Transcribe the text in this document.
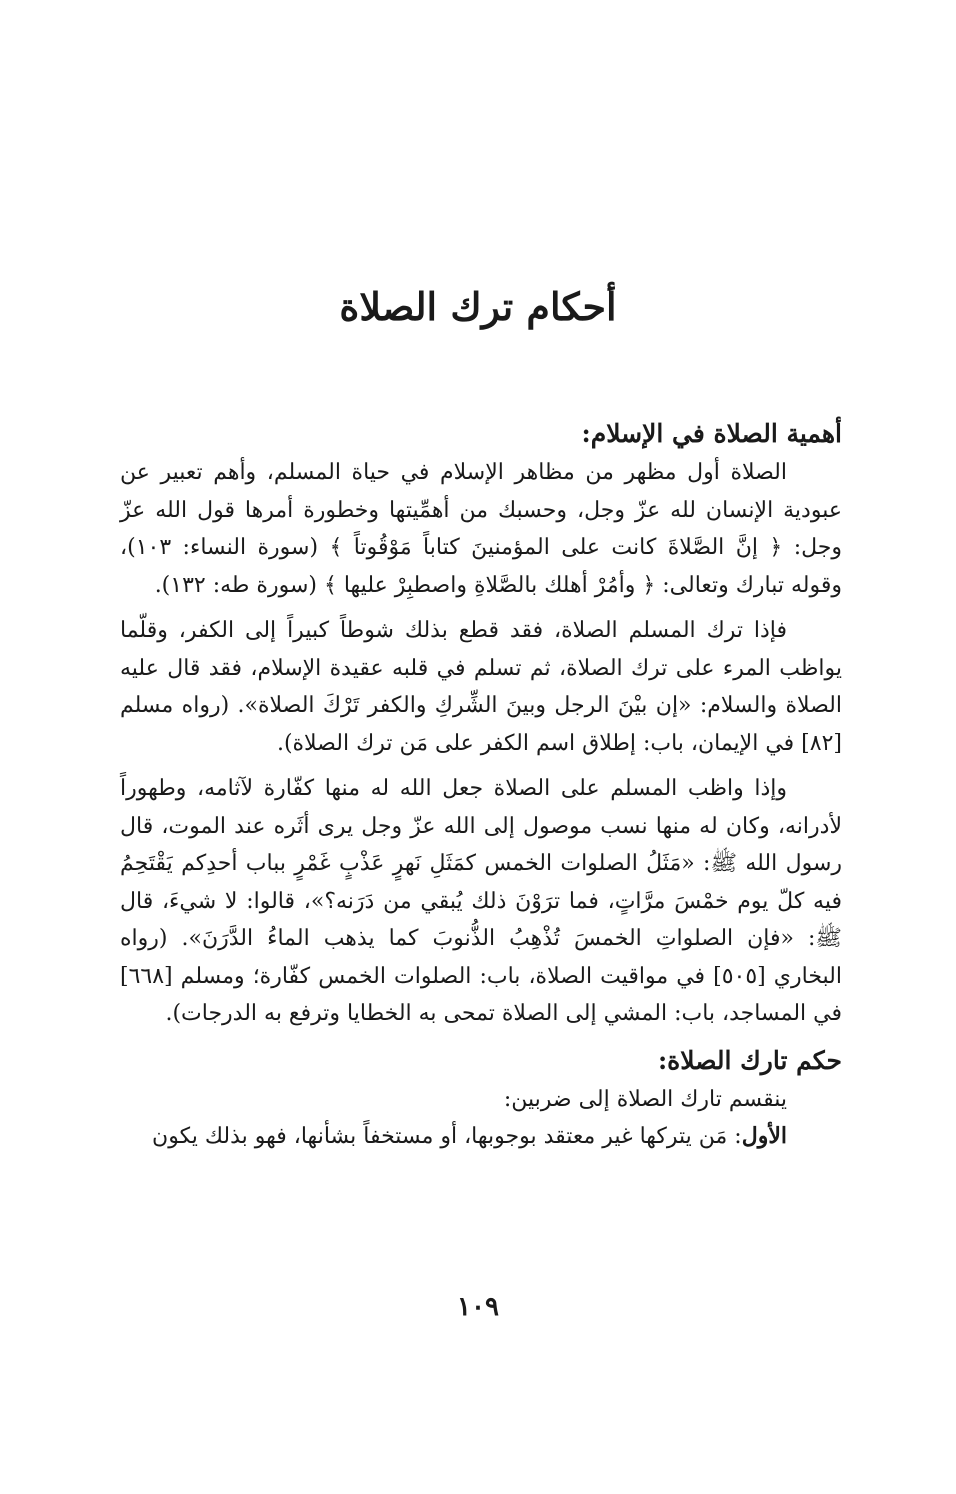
أحكام ترك الصلاة
أهمية الصلاة في الإسلام:

الصلاة أول مظهر من مظاهر الإسلام في حياة المسلم، وأهم تعبير عن عبودية الإنسان لله عزّ وجل، وحسبك من أهمِّيتها وخطورة أمرها قول الله عزّ وجل: ﴿ إنَّ الصَّلاةَ كانت على المؤمنينَ كتاباً مَوْقُوتاً ﴾ (سورة النساء: ١٠٣)، وقوله تبارك وتعالى: ﴿ وأمُرْ أهلك بالصَّلاةِ واصطبِرْ عليها ﴾ (سورة طه: ١٣٢).

فإذا ترك المسلم الصلاة، فقد قطع بذلك شوطاً كبيراً إلى الكفر، وقلّما يواظب المرء على ترك الصلاة، ثم تسلم في قلبه عقيدة الإسلام، فقد قال عليه الصلاة والسلام: «إن بيْنَ الرجل وبينَ الشِّركِ والكفر تَرْكَ الصلاة». (رواه مسلم [٨٢] في الإيمان، باب: إطلاق اسم الكفر على مَن ترك الصلاة).

وإذا واظب المسلم على الصلاة جعل الله له منها كفّارة لآثامه، وطهوراً لأدرانه، وكان له منها نسب موصول إلى الله عزّ وجل يرى أثَره عند الموت، قال رسول الله ﷺ: «مَثَلُ الصلوات الخمس كمَثَلِ نَهرٍ عَذْبٍ غَمْرٍ بباب أحدِكم يَقْتَحِمُ فيه كلّ يوم خمْسَ مرَّاتٍ، فما ترَوْنَ ذلك يُبقي من دَرَنه؟»، قالوا: لا شيءَ، قال ﷺ: «فإن الصلواتِ الخمسَ تُذْهِبُ الذُّنوبَ كما يذهب الماءُ الدَّرَنَ». (رواه البخاري [٥٠٥] في مواقيت الصلاة، باب: الصلوات الخمس كفّارة؛ ومسلم [٦٦٨] في المساجد، باب: المشي إلى الصلاة تمحى به الخطايا وترفع به الدرجات).

حكم تارك الصلاة:

ينقسم تارك الصلاة إلى ضربين:

الأول: مَن يتركها غير معتقد بوجوبها، أو مستخفاً بشأنها، فهو بذلك يكون

١٠٩
